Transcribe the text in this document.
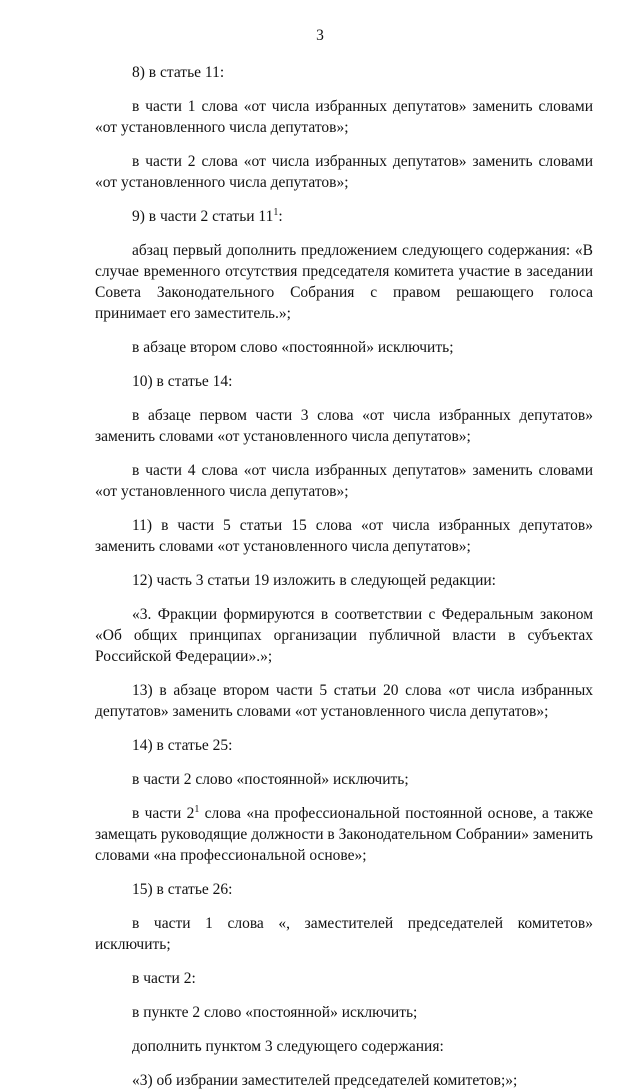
3

8) в статье 11:

в части 1 слова «от числа избранных депутатов» заменить словами «от установленного числа депутатов»;

в части 2 слова «от числа избранных депутатов» заменить словами «от установленного числа депутатов»;

9) в части 2 статьи $11^1$:

абзац первый дополнить предложением следующего содержания: «В случае временного отсутствия председателя комитета участие в заседании Совета Законодательного Собрания с правом решающего голоса принимает его заместитель.»;

в абзаце втором слово «постоянной» исключить;

10) в статье 14:

в абзаце первом части 3 слова «от числа избранных депутатов» заменить словами «от установленного числа депутатов»;

в части 4 слова «от числа избранных депутатов» заменить словами «от установленного числа депутатов»;

11) в части 5 статьи 15 слова «от числа избранных депутатов» заменить словами «от установленного числа депутатов»;

12) часть 3 статьи 19 изложить в следующей редакции:

«3. Фракции формируются в соответствии с Федеральным законом «Об общих принципах организации публичной власти в субъектах Российской Федерации».»;

13) в абзаце втором части 5 статьи 20 слова «от числа избранных депутатов» заменить словами «от установленного числа депутатов»;

14) в статье 25:

в части 2 слово «постоянной» исключить;

в части $2^1$ слова «на профессиональной постоянной основе, а также замещать руководящие должности в Законодательном Собрании» заменить словами «на профессиональной основе»;

15) в статье 26:

в части 1 слова «, заместителей председателей комитетов» исключить;

в части 2:

в пункте 2 слово «постоянной» исключить;

дополнить пунктом 3 следующего содержания:

«3) об избрании заместителей председателей комитетов;»;
